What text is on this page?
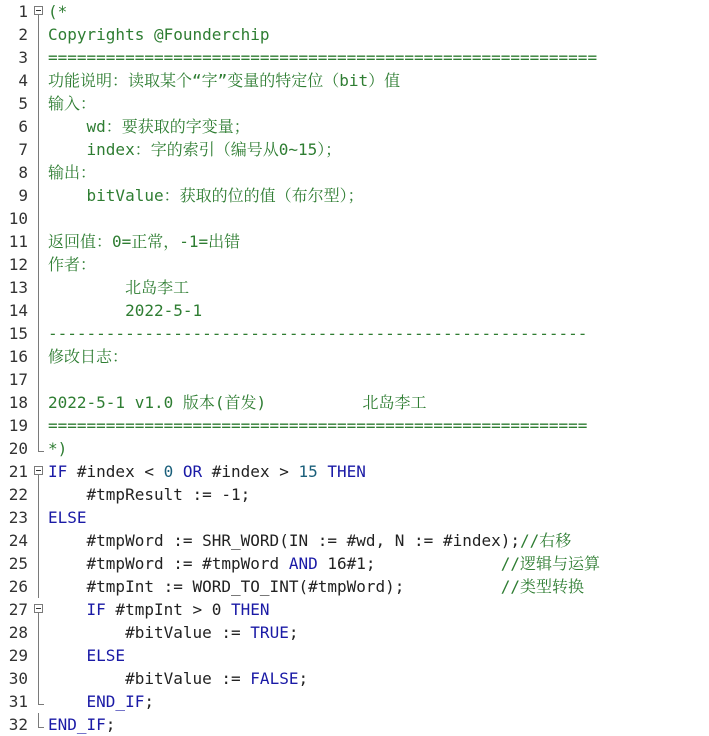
1 (*
2 Copyrights @Founderchip
3 =========================================================
4 功能说明：读取某个“字”变量的特定位（bit）值
5 输入：
6 wd：要获取的字变量；
7 index：字的索引（编号从0~15）；
8 输出：
9 bitValue：获取的位的值（布尔型）；
10
11 返回值：0=正常，-1=出错
12 作者：
13 北岛李工
14 2022-5-1
15 --------------------------------------------------------
16 修改日志：
17
18 2022-5-1 v1.0 版本(首发)          北岛李工
19 ========================================================
20 *)
21 IF #index < 0 OR #index > 15 THEN
22 #tmpResult := -1;
23 ELSE
24 #tmpWord := SHR_WORD(IN := #wd, N := #index);//右移
25 #tmpWord := #tmpWord AND 16#1;             //逻辑与运算
26 #tmpInt := WORD_TO_INT(#tmpWord);          //类型转换
27	IF #tmpInt > 0 THEN
28 #bitValue := TRUE;
29	ELSE
30 #bitValue := FALSE;
31	END_IF;
32 END_IF;
